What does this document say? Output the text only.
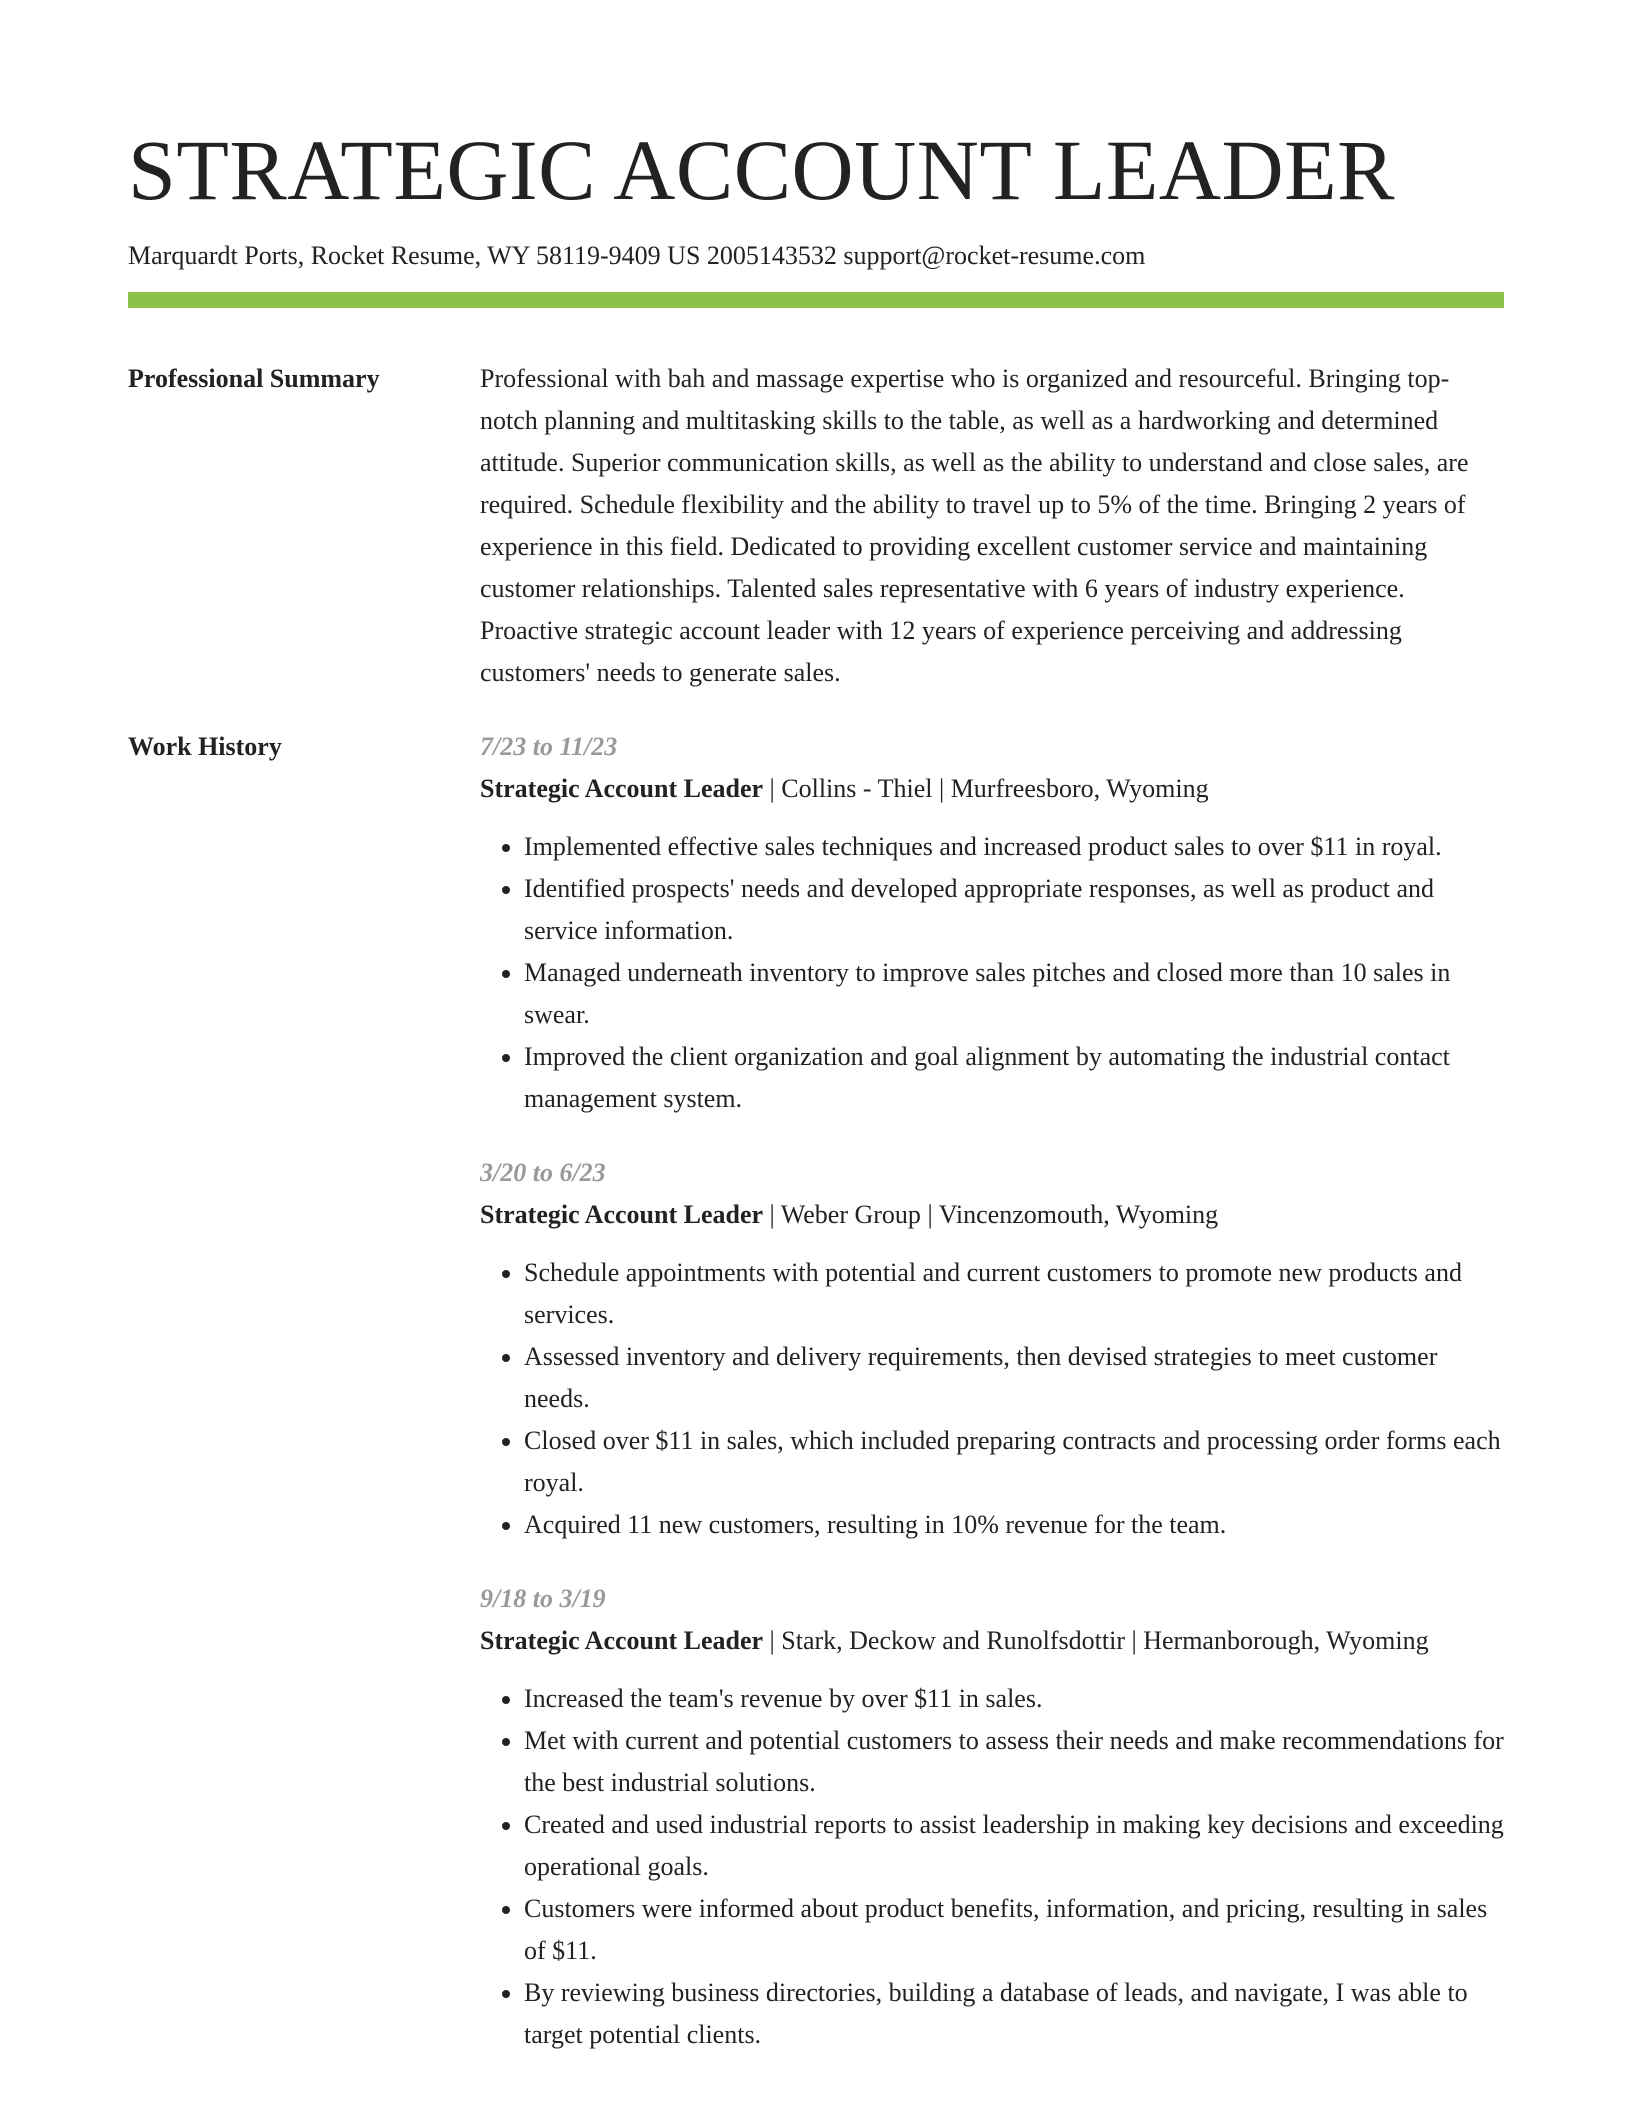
STRATEGIC ACCOUNT LEADER
Marquardt Ports, Rocket Resume, WY 58119-9409 US 2005143532 support@rocket-resume.com
Professional Summary	Professional with bah and massage expertise who is organized and resourceful. Bringing top-notch planning and multitasking skills to the table, as well as a hardworking and determined attitude. Superior communication skills, as well as the ability to understand and close sales, are required. Schedule flexibility and the ability to travel up to 5% of the time. Bringing 2 years of experience in this field. Dedicated to providing excellent customer service and maintaining customer relationships. Talented sales representative with 6 years of industry experience. Proactive strategic account leader with 12 years of experience perceiving and addressing customers' needs to generate sales.

Work History	7/23 to 11/23
Strategic Account Leader | Collins - Thiel | Murfreesboro, Wyoming
• Implemented effective sales techniques and increased product sales to over $11 in royal.
• Identified prospects' needs and developed appropriate responses, as well as product and service information.
• Managed underneath inventory to improve sales pitches and closed more than 10 sales in swear.
• Improved the client organization and goal alignment by automating the industrial contact management system.
3/20 to 6/23
Strategic Account Leader | Weber Group | Vincenzomouth, Wyoming
• Schedule appointments with potential and current customers to promote new products and services.
• Assessed inventory and delivery requirements, then devised strategies to meet customer needs.
• Closed over $11 in sales, which included preparing contracts and processing order forms each royal.
• Acquired 11 new customers, resulting in 10% revenue for the team.
9/18 to 3/19
Strategic Account Leader | Stark, Deckow and Runolfsdottir | Hermanborough, Wyoming
• Increased the team's revenue by over $11 in sales.
• Met with current and potential customers to assess their needs and make recommendations for the best industrial solutions.
• Created and used industrial reports to assist leadership in making key decisions and exceeding operational goals.
• Customers were informed about product benefits, information, and pricing, resulting in sales of $11.
• By reviewing business directories, building a database of leads, and navigate, I was able to target potential clients.
